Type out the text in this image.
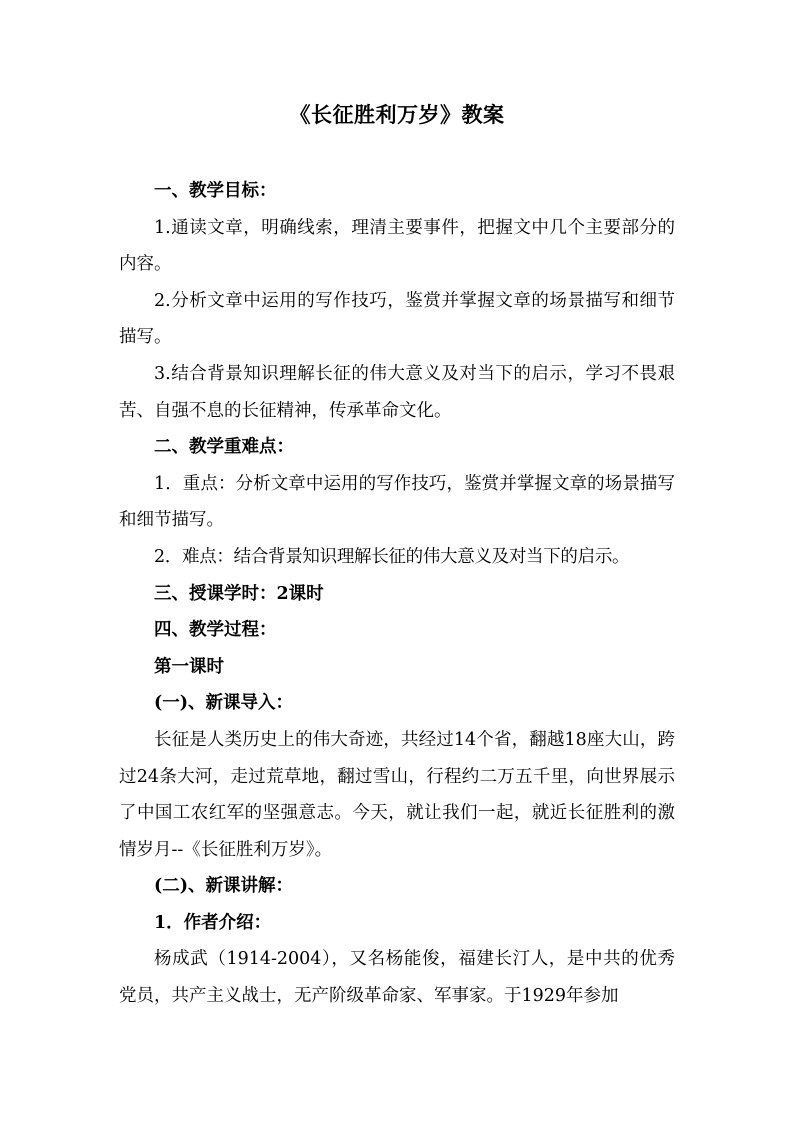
《长征胜利万岁》教案

一、教学目标：

1.通读文章，明确线索，理清主要事件，把握文中几个主要部分的内容。

2.分析文章中运用的写作技巧，鉴赏并掌握文章的场景描写和细节描写。

3.结合背景知识理解长征的伟大意义及对当下的启示，学习不畏艰苦、自强不息的长征精神，传承革命文化。

二、教学重难点：

1．重点：分析文章中运用的写作技巧，鉴赏并掌握文章的场景描写和细节描写。

2．难点：结合背景知识理解长征的伟大意义及对当下的启示。

三、授课学时：2课时

四、教学过程：

第一课时

(一)、新课导入：

长征是人类历史上的伟大奇迹，共经过14个省，翻越18座大山，跨过24条大河，走过荒草地，翻过雪山，行程约二万五千里，向世界展示了中国工农红军的坚强意志。今天，就让我们一起，就近长征胜利的激情岁月--《长征胜利万岁》。

(二)、新课讲解：

1．作者介绍：

杨成武（1914-2004），又名杨能俊，福建长汀人，是中共的优秀党员，共产主义战士，无产阶级革命家、军事家。于1929年参加
